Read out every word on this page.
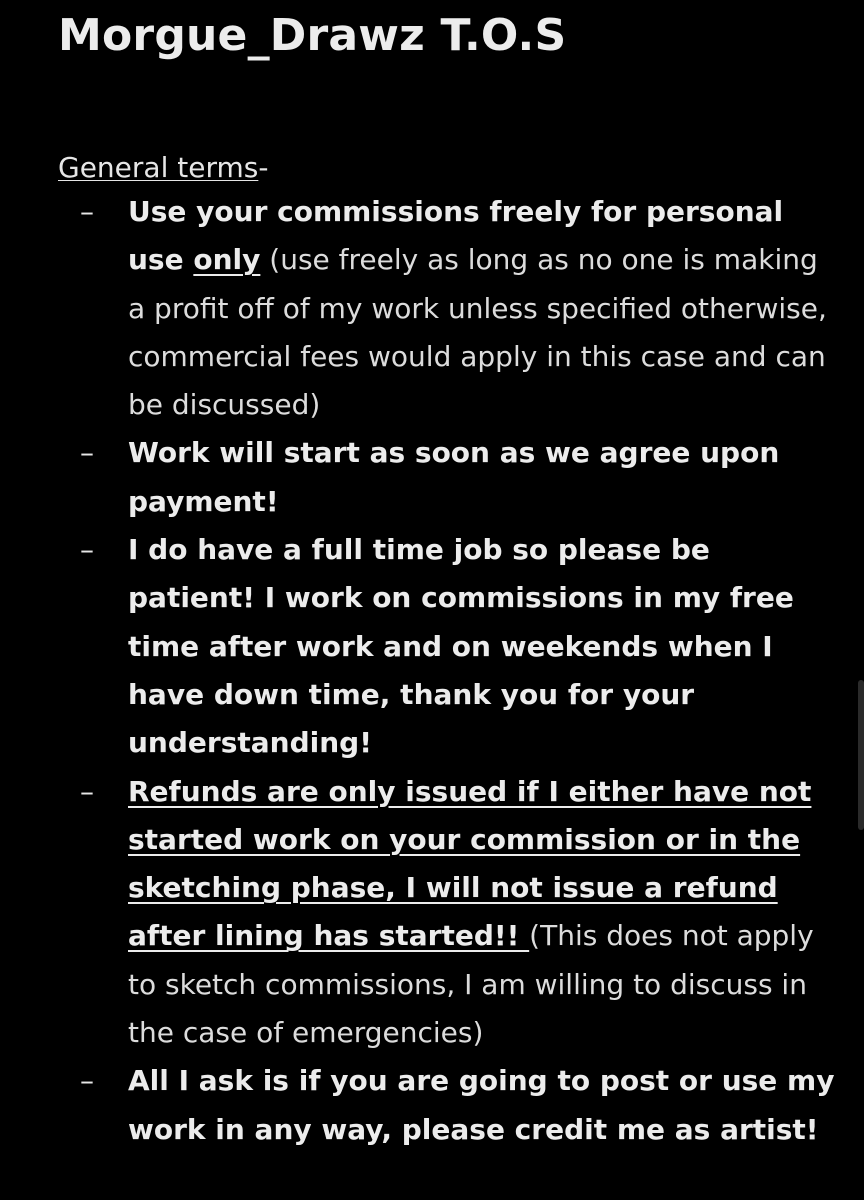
Morgue_Drawz T.O.S
General terms-
– Use your commissions freely for personal use only (use freely as long as no one is making a profit off of my work unless specified otherwise, commercial fees would apply in this case and can be discussed)
– Work will start as soon as we agree upon payment!
– I do have a full time job so please be patient! I work on commissions in my free time after work and on weekends when I have down time, thank you for your understanding!
– Refunds are only issued if I either have not started work on your commission or in the sketching phase, I will not issue a refund after lining has started!! (This does not apply to sketch commissions, I am willing to discuss in the case of emergencies)
– All I ask is if you are going to post or use my work in any way, please credit me as artist!
